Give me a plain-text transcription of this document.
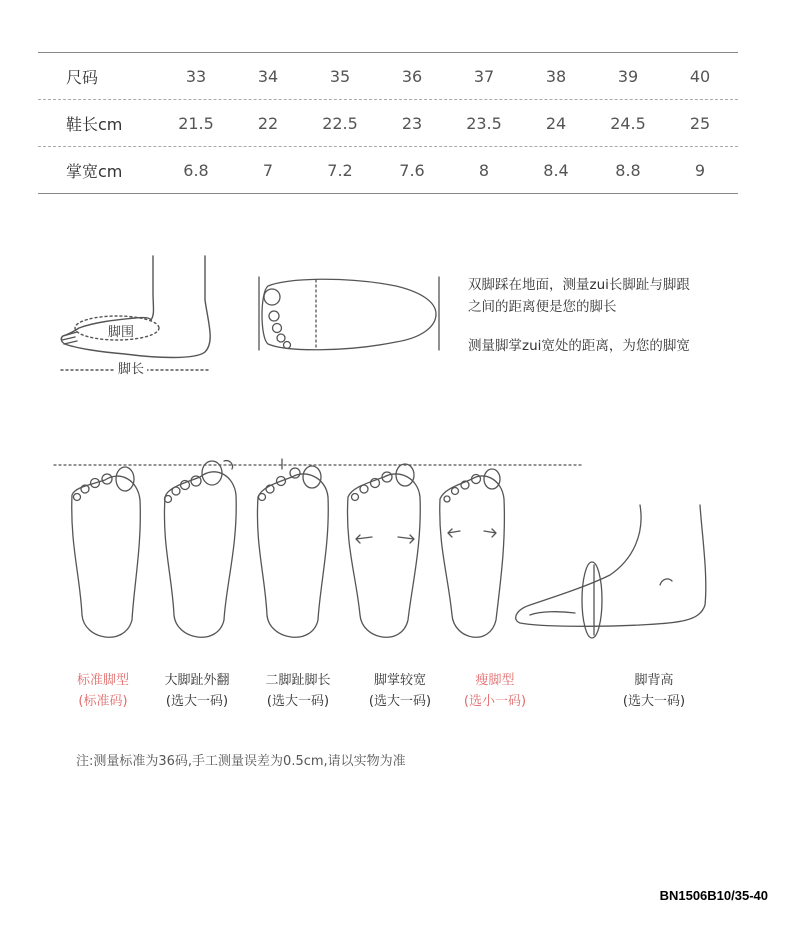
尺码	33	34	35	36	37	38	39	40
鞋长cm	21.5	22	22.5	23	23.5	24	24.5	25
掌宽cm	6.8	7	7.2	7.6	8	8.4	8.8	9
脚围
脚长
双脚踩在地面，测量zui长脚趾与脚跟
之间的距离便是您的脚长
测量脚掌zui宽处的距离，为您的脚宽
标准脚型
(标准码)
大脚趾外翻
(选大一码)
二脚趾脚长
(选大一码)
脚掌较宽
(选大一码)
瘦脚型
(选小一码)
脚背高
(选大一码)
注:测量标准为36码,手工测量误差为0.5cm,请以实物为准
BN1506B10/35-40
